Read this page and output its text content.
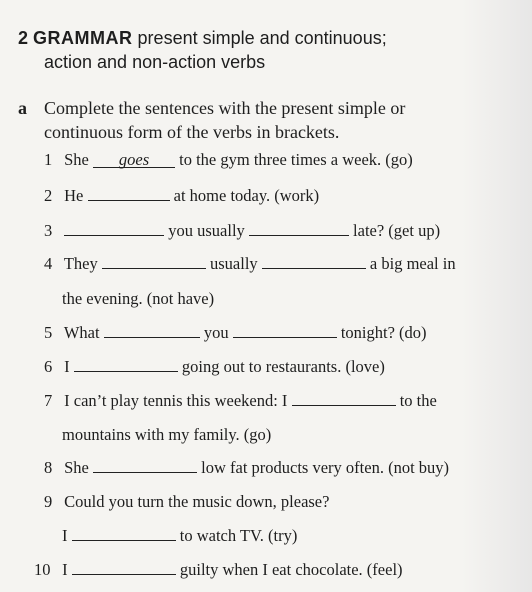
2 GRAMMAR present simple and continuous;
action and non-action verbs
a Complete the sentences with the present simple or
continuous form of the verbs in brackets.
1 She goes to the gym three times a week. (go)
2 He	at home today. (work)
3	you usually	late? (get up)
4 They	usually	a big meal in
the evening. (not have)
5 What	you	tonight? (do)
6 I	going out to restaurants. (love)
7 I can’t play tennis this weekend: I	to the
mountains with my family. (go)
8 She	low fat products very often. (not buy)
9 Could you turn the music down, please?
I	to watch TV. (try)
10 I	guilty when I eat chocolate. (feel)
